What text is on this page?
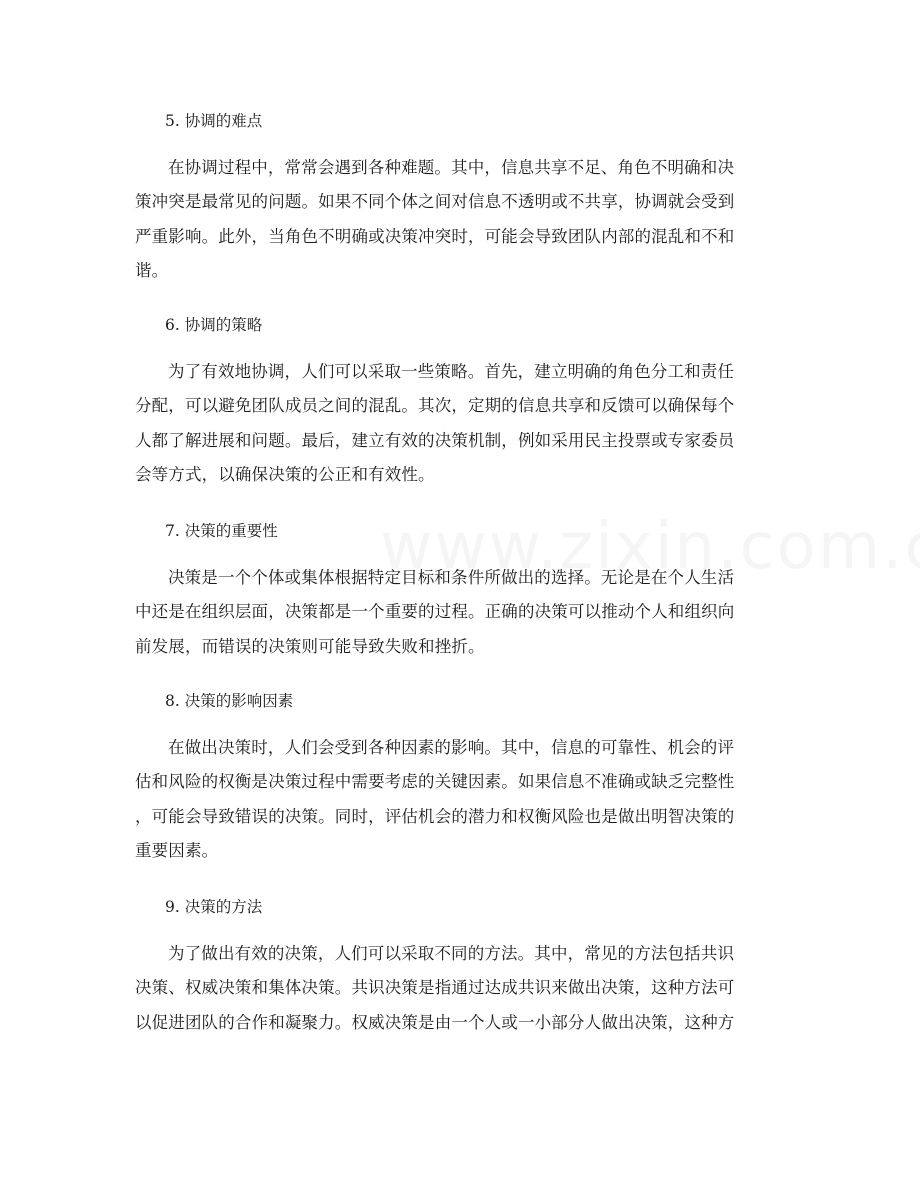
5. 协调的难点

在协调过程中，常常会遇到各种难题。其中，信息共享不足、角色不明确和决
策冲突是最常见的问题。如果不同个体之间对信息不透明或不共享，协调就会受到
严重影响。此外，当角色不明确或决策冲突时，可能会导致团队内部的混乱和不和
谐。

6. 协调的策略

为了有效地协调，人们可以采取一些策略。首先，建立明确的角色分工和责任
分配，可以避免团队成员之间的混乱。其次，定期的信息共享和反馈可以确保每个
人都了解进展和问题。最后，建立有效的决策机制，例如采用民主投票或专家委员
会等方式，以确保决策的公正和有效性。

7. 决策的重要性

决策是一个个体或集体根据特定目标和条件所做出的选择。无论是在个人生活
中还是在组织层面，决策都是一个重要的过程。正确的决策可以推动个人和组织向
前发展，而错误的决策则可能导致失败和挫折。

8. 决策的影响因素

在做出决策时，人们会受到各种因素的影响。其中，信息的可靠性、机会的评
估和风险的权衡是决策过程中需要考虑的关键因素。如果信息不准确或缺乏完整性
，可能会导致错误的决策。同时，评估机会的潜力和权衡风险也是做出明智决策的
重要因素。

9. 决策的方法

为了做出有效的决策，人们可以采取不同的方法。其中，常见的方法包括共识
决策、权威决策和集体决策。共识决策是指通过达成共识来做出决策，这种方法可
以促进团队的合作和凝聚力。权威决策是由一个人或一小部分人做出决策，这种方
